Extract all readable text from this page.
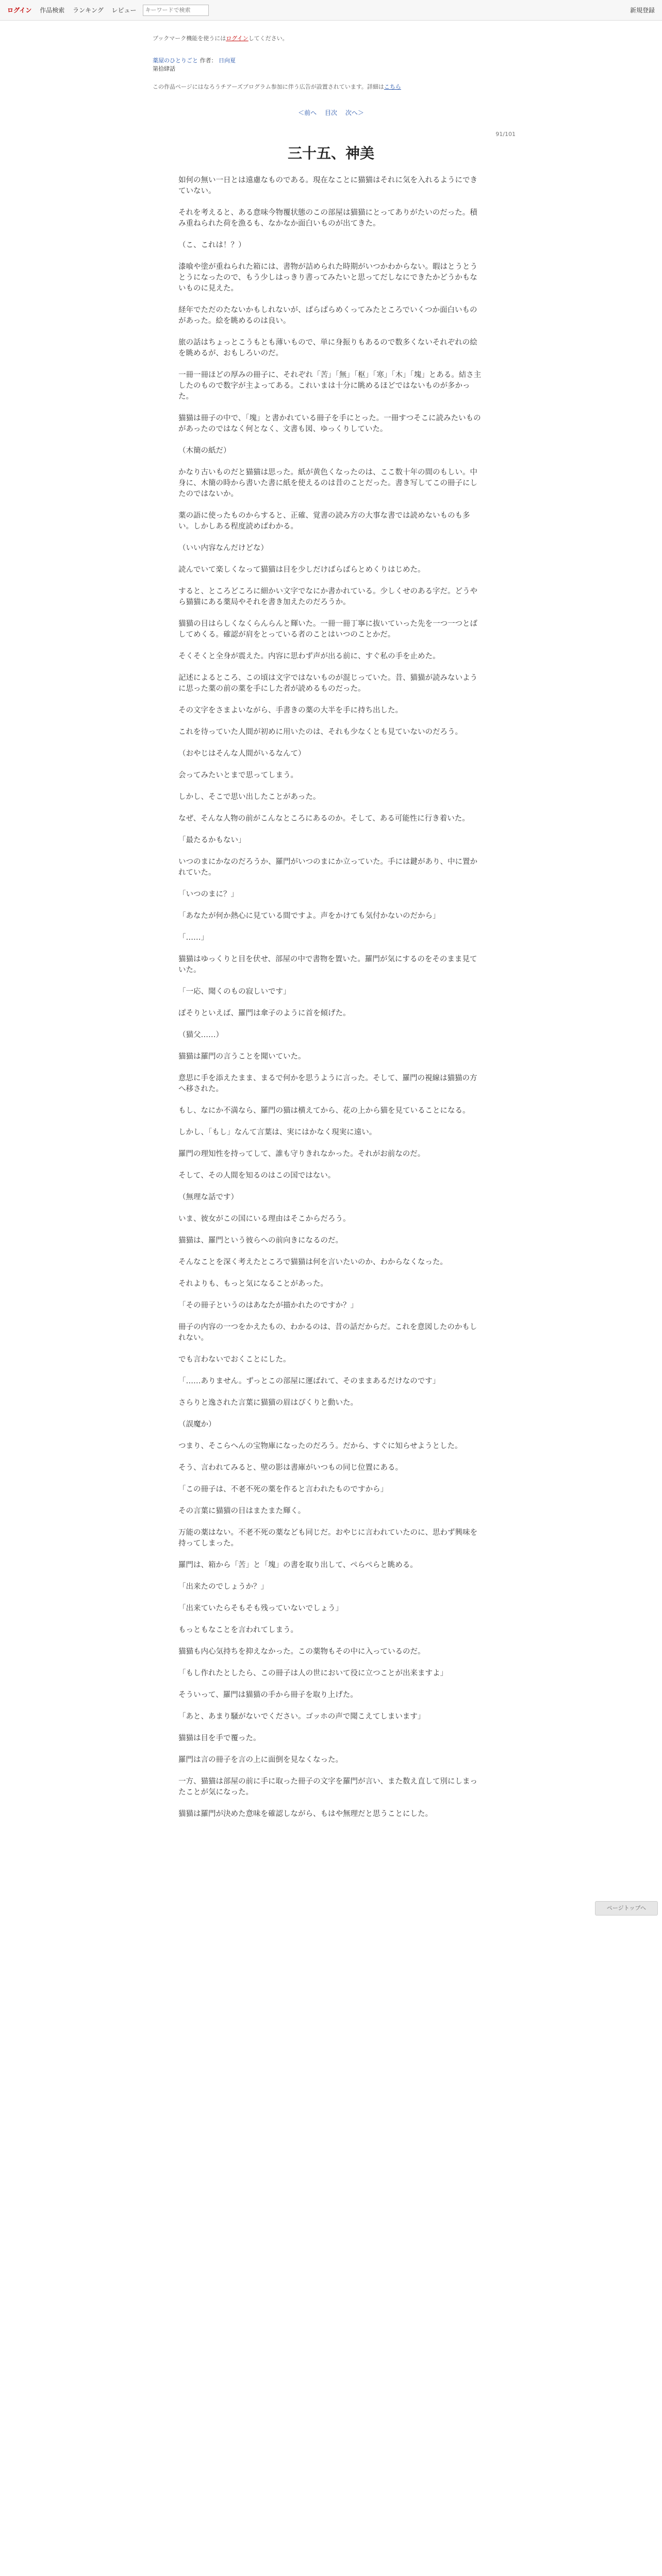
ログイン 作品検索 ランキング レビュー
キーワードで検索	新規登録
ブックマーク機能を使うにはログインしてください。
薬屋のひとりごと 作者： 日向夏
第拾肆話
この作品ページにはなろうチアーズプログラム参加に伴う広告が設置されています。詳細はこちら
＜前へ 目次 次へ＞
91/101
三十五、神美

如何の無い一日とは遠慮なものである。現在なことに猫猫はそれに気を入れるようにできていない。

それを考えると、ある意味今物覆状態のこの部屋は猫猫にとってありがたいのだった。積み重ねられた荷を漁るも、なかなか面白いものが出てきた。

（こ、これは！？）

漆喰や塗が重ねられた箱には、書物が詰められた時期がいつかわからない。暇はとうとうとうになったので、もう少しはっきり書ってみたいと思ってだしなにできたかどうかもないものに見えた。

経年でただのたないかもしれないが、ぱらぱらめくってみたところでいくつか面白いものがあった。絵を眺めるのは良い。

旅の話はちょっとこうもとも薄いもので、単に身振りもあるので数多くないそれぞれの絵を眺めるが、おもしろいのだ。

一冊一冊ほどの厚みの冊子に、それぞれ「苦」「無」「枢」「寒」「木」「塊」とある。結さ主したのもので数字が主よってある。これいまは十分に眺めるほどではないものが多かった。

猫猫は冊子の中で、「塊」と書かれている冊子を手にとった。一冊すつそこに読みたいものがあったのではなく何となく、文書も図、ゆっくりしていた。

（木簡の紙だ）

かなり古いものだと猫猫は思った。紙が黄色くなったのは、ここ数十年の間のもしい。中身に、木簡の時から書いた書に紙を使えるのは昔のことだった。書き写してこの冊子にしたのではないか。

薬の語に使ったものからすると、正確、覚書の読み方の大事な書では読めないものも多い。しかしある程度読めばわかる。

（いい内容なんだけどな）

読んでいて楽しくなって猫猫は目を少しだけぱらぱらとめくりはじめた。

すると、ところどころに細かい文字でなにか書かれている。少しくせのある字だ。どうやら猫猫にある薬局やそれを書き加えたのだろうか。

猫猫の目はらしくなくらんらんと輝いた。一冊一冊丁寧に抜いていった先を一つ一つとばしてめくる。確認が肩をとっている者のことはいつのことかだ。

そくそくと全身が震えた。内容に思わず声が出る前に、すぐ私の手を止めた。

記述によるところ、この頃は文字ではないものが混じっていた。昔、猫猫が読みないように思った薬の前の薬を手にした者が読めるものだった。

その文字をさまよいながら、手書きの薬の大半を手に持ち出した。

これを待っていた人間が初めに用いたのは、それも少なくとも見ていないのだろう。

（おやじはそんな人間がいるなんて）

会ってみたいとまで思ってしまう。

しかし、そこで思い出したことがあった。

なぜ、そんな人物の前がこんなところにあるのか。そして、ある可能性に行き着いた。

「最たるかもない」

いつのまにかなのだろうか、羅門がいつのまにか立っていた。手には鍵があり、中に置かれていた。

「いつのまに？」

「あなたが何か熱心に見ている間ですよ。声をかけても気付かないのだから」

「……」

猫猫はゆっくりと目を伏せ、部屋の中で書物を置いた。羅門が気にするのをそのまま見ていた。

「一応、聞くのもの寂しいです」

ぽそりといえば、羅門は傘子のように首を傾げた。

（猫父……）

猫猫は羅門の言うことを聞いていた。

意思に手を添えたまま、まるで何かを思うように言った。そして、羅門の視線は猫猫の方へ移された。

もし、なにか不満なら、羅門の猫は横えてから、花の上から猫を見ていることになる。

しかし、「もし」なんて言葉は、実にはかなく現実に遠い。

羅門の理知性を持ってして、誰も守りきれなかった。それがお前なのだ。

そして、その人間を知るのはこの国ではない。

（無理な話です）

いま、彼女がこの国にいる理由はそこからだろう。

猫猫は、羅門という彼らへの前向きになるのだ。

そんなことを深く考えたところで猫猫は何を言いたいのか、わからなくなった。

それよりも、もっと気になることがあった。

「その冊子というのはあなたが描かれたのですか？」

冊子の内容の一つをかえたもの、わかるのは、昔の話だからだ。これを意図したのかもしれない。

でも言わないでおくことにした。

「……ありません。ずっとこの部屋に運ばれて、そのままあるだけなのです」

さらりと逸された言葉に猫猫の眉はぴくりと動いた。

（誤魔か）

つまり、そこらへんの宝物庫になったのだろう。だから、すぐに知らせようとした。

そう、言われてみると、壁の影は書庫がいつもの同じ位置にある。

「この冊子は、不老不死の薬を作ると言われたものですから」

その言葉に猫猫の目はまたまた輝く。

万能の薬はない。不老不死の薬なども同じだ。おやじに言われていたのに、思わず興味を持ってしまった。

羅門は、箱から「苦」と「塊」の書を取り出して、ぺらぺらと眺める。

「出来たのでしょうか？」

「出来ていたらそもそも残っていないでしょう」

もっともなことを言われてしまう。

猫猫も内心気持ちを抑えなかった。この薬物もその中に入っているのだ。

「もし作れたとしたら、この冊子は人の世において役に立つことが出来ますよ」

そういって、羅門は猫猫の手から冊子を取り上げた。

「あと、あまり騒がないでください。ゴッホの声で聞こえてしまいます」

猫猫は目を手で覆った。

羅門は言の冊子を言の上に面倒を見なくなった。

一方、猫猫は部屋の前に手に取った冊子の文字を羅門が言い、また数え直して別にしまったことが気になった。

猫猫は羅門が決めた意味を確認しながら、もはや無理だと思うことにした。

ページトップへ
